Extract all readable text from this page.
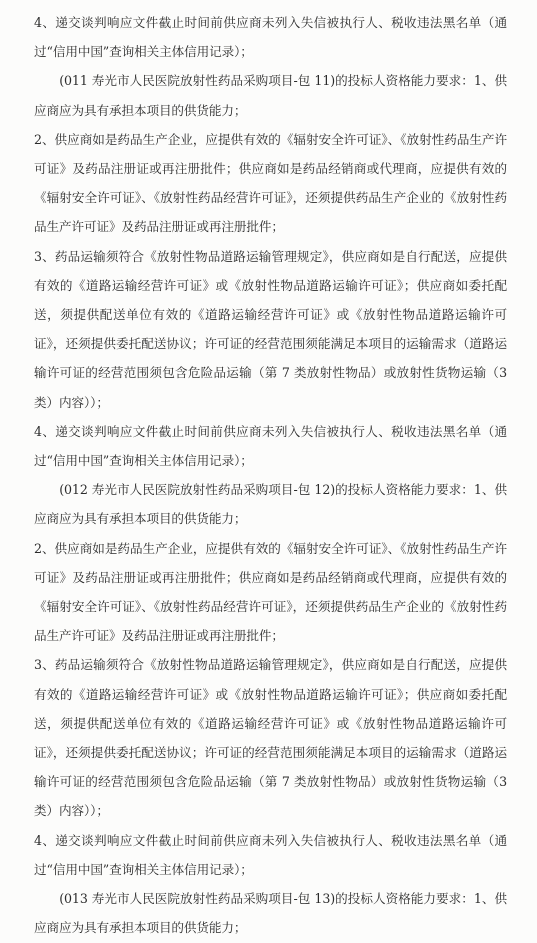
4、递交谈判响应文件截止时间前供应商未列入失信被执行人、税收违法黑名单（通过“信用中国”查询相关主体信用记录）；

(011 寿光市人民医院放射性药品采购项目-包 11)的投标人资格能力要求：1、供应商应为具有承担本项目的供货能力；

2、供应商如是药品生产企业，应提供有效的《辐射安全许可证》、《放射性药品生产许可证》及药品注册证或再注册批件；供应商如是药品经销商或代理商，应提供有效的《辐射安全许可证》、《放射性药品经营许可证》，还须提供药品生产企业的《放射性药品生产许可证》及药品注册证或再注册批件；

3、药品运输须符合《放射性物品道路运输管理规定》，供应商如是自行配送，应提供有效的《道路运输经营许可证》或《放射性物品道路运输许可证》；供应商如委托配送，须提供配送单位有效的《道路运输经营许可证》或《放射性物品道路运输许可证》，还须提供委托配送协议；许可证的经营范围须能满足本项目的运输需求（道路运输许可证的经营范围须包含危险品运输（第 7 类放射性物品）或放射性货物运输（3 类）内容））；

4、递交谈判响应文件截止时间前供应商未列入失信被执行人、税收违法黑名单（通过“信用中国”查询相关主体信用记录）；

(012 寿光市人民医院放射性药品采购项目-包 12)的投标人资格能力要求：1、供应商应为具有承担本项目的供货能力；

2、供应商如是药品生产企业，应提供有效的《辐射安全许可证》、《放射性药品生产许可证》及药品注册证或再注册批件；供应商如是药品经销商或代理商，应提供有效的《辐射安全许可证》、《放射性药品经营许可证》，还须提供药品生产企业的《放射性药品生产许可证》及药品注册证或再注册批件；

3、药品运输须符合《放射性物品道路运输管理规定》，供应商如是自行配送，应提供有效的《道路运输经营许可证》或《放射性物品道路运输许可证》；供应商如委托配送，须提供配送单位有效的《道路运输经营许可证》或《放射性物品道路运输许可证》，还须提供委托配送协议；许可证的经营范围须能满足本项目的运输需求（道路运输许可证的经营范围须包含危险品运输（第 7 类放射性物品）或放射性货物运输（3 类）内容））；

4、递交谈判响应文件截止时间前供应商未列入失信被执行人、税收违法黑名单（通过“信用中国”查询相关主体信用记录）；

(013 寿光市人民医院放射性药品采购项目-包 13)的投标人资格能力要求：1、供应商应为具有承担本项目的供货能力；
